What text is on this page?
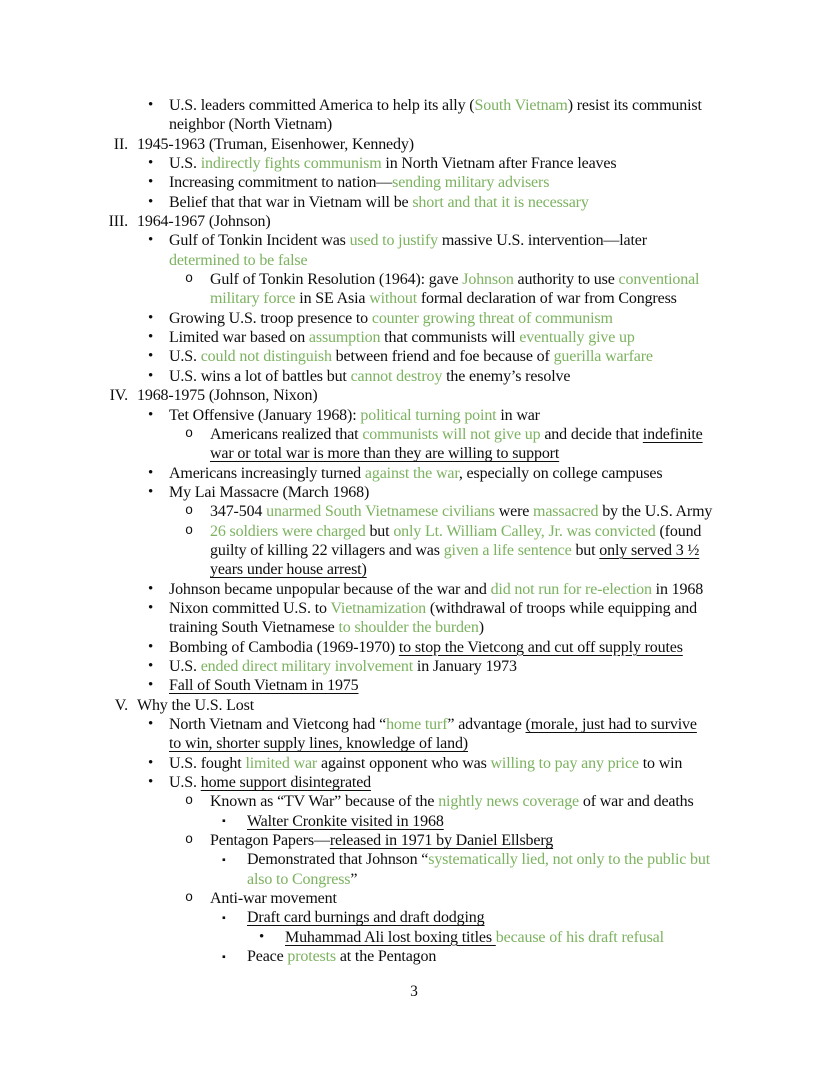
• U.S. leaders committed America to help its ally (South Vietnam) resist its communist
neighbor (North Vietnam)
II. 1945-1963 (Truman, Eisenhower, Kennedy)
• U.S. indirectly fights communism in North Vietnam after France leaves
• Increasing commitment to nation—sending military advisers
• Belief that that war in Vietnam will be short and that it is necessary
III. 1964-1967 (Johnson)
• Gulf of Tonkin Incident was used to justify massive U.S. intervention—later
determined to be false
o Gulf of Tonkin Resolution (1964): gave Johnson authority to use conventional
military force in SE Asia without formal declaration of war from Congress
• Growing U.S. troop presence to counter growing threat of communism
• Limited war based on assumption that communists will eventually give up
• U.S. could not distinguish between friend and foe because of guerilla warfare
• U.S. wins a lot of battles but cannot destroy the enemy’s resolve
IV. 1968-1975 (Johnson, Nixon)
• Tet Offensive (January 1968): political turning point in war
o Americans realized that communists will not give up and decide that indefinite
war or total war is more than they are willing to support
• Americans increasingly turned against the war, especially on college campuses
• My Lai Massacre (March 1968)
o 347-504 unarmed South Vietnamese civilians were massacred by the U.S. Army
o 26 soldiers were charged but only Lt. William Calley, Jr. was convicted (found
guilty of killing 22 villagers and was given a life sentence but only served 3 ½
years under house arrest)
• Johnson became unpopular because of the war and did not run for re-election in 1968
• Nixon committed U.S. to Vietnamization (withdrawal of troops while equipping and
training South Vietnamese to shoulder the burden)
• Bombing of Cambodia (1969-1970) to stop the Vietcong and cut off supply routes
• U.S. ended direct military involvement in January 1973
• Fall of South Vietnam in 1975
V. Why the U.S. Lost
• North Vietnam and Vietcong had “home turf” advantage (morale, just had to survive
to win, shorter supply lines, knowledge of land)
• U.S. fought limited war against opponent who was willing to pay any price to win
• U.S. home support disintegrated
o Known as “TV War” because of the nightly news coverage of war and deaths
▪ Walter Cronkite visited in 1968
o Pentagon Papers—released in 1971 by Daniel Ellsberg
▪ Demonstrated that Johnson “systematically lied, not only to the public but
also to Congress”
o Anti-war movement
▪ Draft card burnings and draft dodging
• Muhammad Ali lost boxing titles because of his draft refusal
▪ Peace protests at the Pentagon
3
